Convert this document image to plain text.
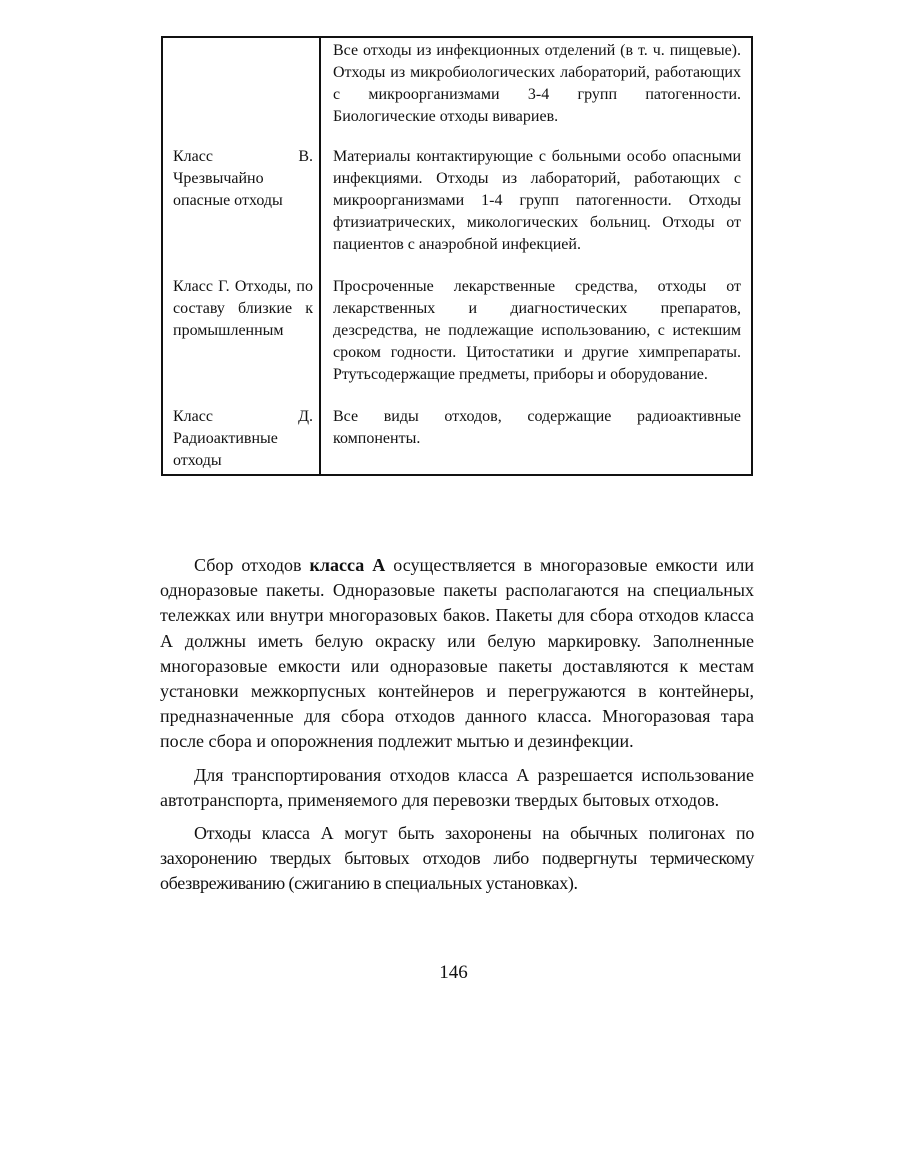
	Все отходы из инфекционных отделений (в т. ч. пищевые). Отходы из микробиологических лабораторий, работающих с микроорганизмами 3-4 групп патогенности. Биологические отходы вивариев.

Класс В. Чрезвычайно опасные отходы	Материалы контактирующие с больными особо опасными инфекциями. Отходы из лабораторий, работающих с микроорганизмами 1-4 групп патогенности. Отходы фтизиатрических, микологических больниц. Отходы от пациентов с анаэробной инфекцией.

Класс Г. Отходы, по составу близкие к промышленным	Просроченные лекарственные средства, отходы от лекарственных и диагностических препаратов, дезсредства, не подлежащие использованию, с истекшим сроком годности. Цитостатики и другие химпрепараты. Ртутьсодержащие предметы, приборы и оборудование.

Класс Д. Радиоактивные отходы	Все виды отходов, содержащие радиоактивные компоненты.

Сбор отходов класса А осуществляется в многоразовые емкости или одноразовые пакеты. Одноразовые пакеты располагаются на специальных тележках или внутри многоразовых баков. Пакеты для сбора отходов класса А должны иметь белую окраску или белую маркировку. Заполненные многоразовые емкости или одноразовые пакеты доставляются к местам установки межкорпусных контейнеров и перегружаются в контейнеры, предназначенные для сбора отходов данного класса. Многоразовая тара после сбора и опорожнения подлежит мытью и дезинфекции.

Для транспортирования отходов класса А разрешается использование автотранспорта, применяемого для перевозки твердых бытовых отходов.

Отходы класса А могут быть захоронены на обычных полигонах по захоронению твердых бытовых отходов либо подвергнуты термическому обезвреживанию (сжиганию в специальных установках).

146
